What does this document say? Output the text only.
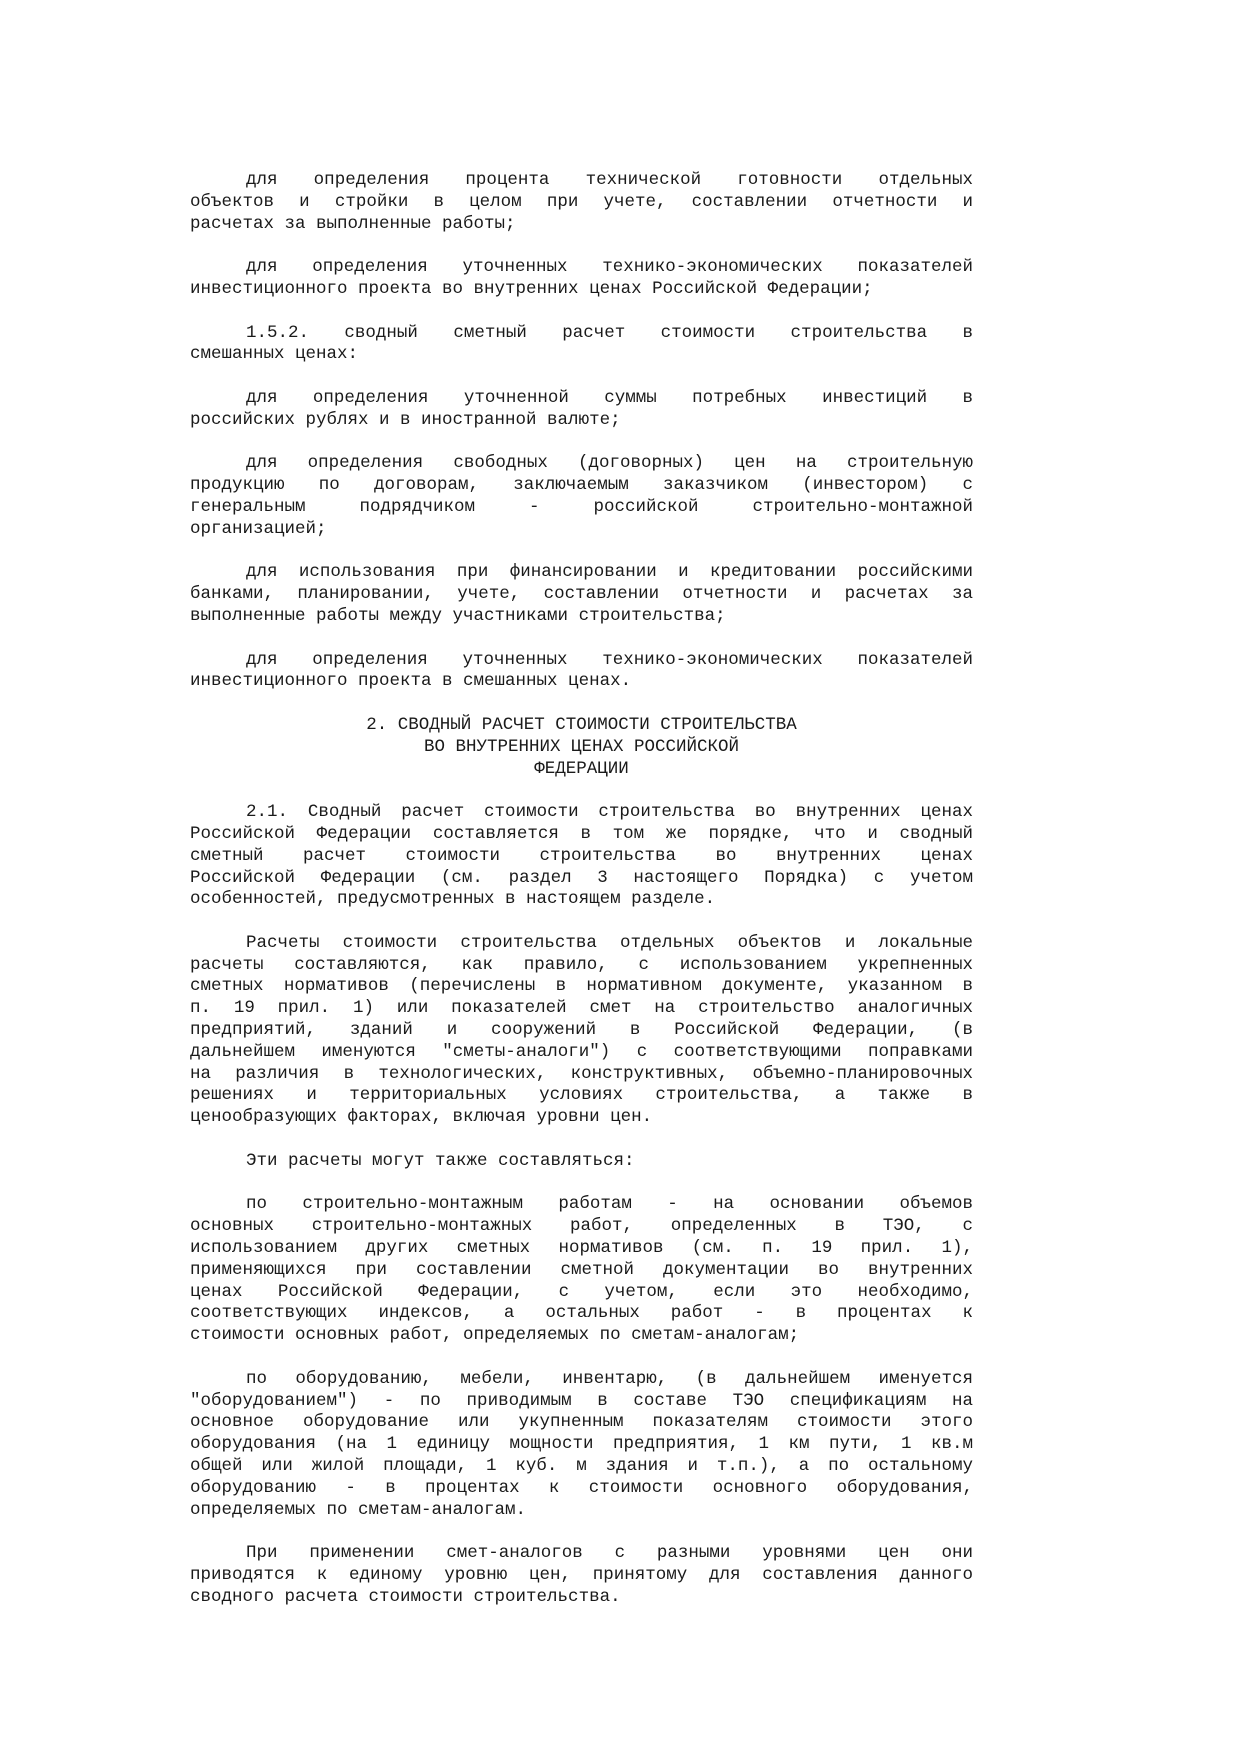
для определения процента технической готовности отдельных
объектов и стройки в целом при учете, составлении отчетности и
расчетах за выполненные работы;
для определения уточненных технико-экономических показателей
инвестиционного проекта во внутренних ценах Российской Федерации;
1.5.2. сводный сметный расчет стоимости строительства в
смешанных ценах:
для определения уточненной суммы потребных инвестиций в
российских рублях и в иностранной валюте;
для определения свободных (договорных) цен на строительную
продукцию по договорам, заключаемым заказчиком (инвестором) с
генеральным подрядчиком - российской строительно-монтажной
организацией;
для использования при финансировании и кредитовании российскими
банками, планировании, учете, составлении отчетности и расчетах за
выполненные работы между участниками строительства;
для определения уточненных технико-экономических показателей
инвестиционного проекта в смешанных ценах.
2. СВОДНЫЙ РАСЧЕТ СТОИМОСТИ СТРОИТЕЛЬСТВА
ВО ВНУТРЕННИХ ЦЕНАХ РОССИЙСКОЙ
ФЕДЕРАЦИИ
2.1. Сводный расчет стоимости строительства во внутренних ценах
Российской Федерации составляется в том же порядке, что и сводный
сметный расчет стоимости строительства во внутренних ценах
Российской Федерации (см. раздел 3 настоящего Порядка) с учетом
особенностей, предусмотренных в настоящем разделе.
Расчеты стоимости строительства отдельных объектов и локальные
расчеты составляются, как правило, с использованием укрепненных
сметных нормативов (перечислены в нормативном документе, указанном в
п. 19 прил. 1) или показателей смет на строительство аналогичных
предприятий, зданий и сооружений в Российской Федерации, (в
дальнейшем именуются "сметы-аналоги") с соответствующими поправками
на различия в технологических, конструктивных, объемно-планировочных
решениях и территориальных условиях строительства, а также в
ценообразующих факторах, включая уровни цен.
Эти расчеты могут также составляться:
по строительно-монтажным работам - на основании объемов
основных строительно-монтажных работ, определенных в ТЭО, с
использованием других сметных нормативов (см. п. 19 прил. 1),
применяющихся при составлении сметной документации во внутренних
ценах Российской Федерации, с учетом, если это необходимо,
соответствующих индексов, а остальных работ - в процентах к
стоимости основных работ, определяемых по сметам-аналогам;
по оборудованию, мебели, инвентарю, (в дальнейшем именуется
"оборудованием") - по приводимым в составе ТЭО спецификациям на
основное оборудование или укупненным показателям стоимости этого
оборудования (на 1 единицу мощности предприятия, 1 км пути, 1 кв.м
общей или жилой площади, 1 куб. м здания и т.п.), а по остальному
оборудованию - в процентах к стоимости основного оборудования,
определяемых по сметам-аналогам.
При применении смет-аналогов с разными уровнями цен они
приводятся к единому уровню цен, принятому для составления данного
сводного расчета стоимости строительства.
